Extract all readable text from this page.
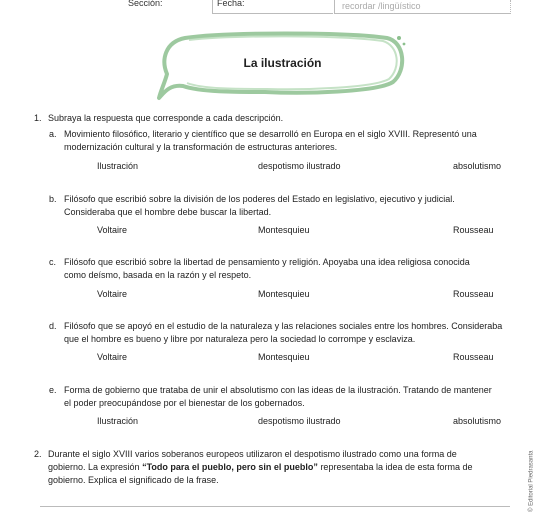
Sección:	Fecha:	recordar /lingüístico
La ilustración
1. Subraya la respuesta que corresponde a cada descripción.
a. Movimiento filosófico, literario y científico que se desarrolló en Europa en el siglo XVIII. Representó una
modernización cultural y la transformación de estructuras anteriores.
Ilustración	despotismo ilustrado	absolutismo
b. Filósofo que escribió sobre la división de los poderes del Estado en legislativo, ejecutivo y judicial.
Consideraba que el hombre debe buscar la libertad.
Voltaire	Montesquieu	Rousseau
c. Filósofo que escribió sobre la libertad de pensamiento y religión. Apoyaba una idea religiosa conocida
como deísmo, basada en la razón y el respeto.
Voltaire	Montesquieu	Rousseau
d. Filósofo que se apoyó en el estudio de la naturaleza y las relaciones sociales entre los hombres. Consideraba
que el hombre es bueno y libre por naturaleza pero la sociedad lo corrompe y esclaviza.
Voltaire	Montesquieu	Rousseau
e. Forma de gobierno que trataba de unir el absolutismo con las ideas de la ilustración. Tratando de mantener
el poder preocupándose por el bienestar de los gobernados.
Ilustración	despotismo ilustrado	absolutismo
2. Durante el siglo XVIII varios soberanos europeos utilizaron el despotismo ilustrado como una forma de
gobierno. La expresión “Todo para el pueblo, pero sin el pueblo” representaba la idea de esta forma de
gobierno. Explica el significado de la frase.	© Editorial Piedrasanta
